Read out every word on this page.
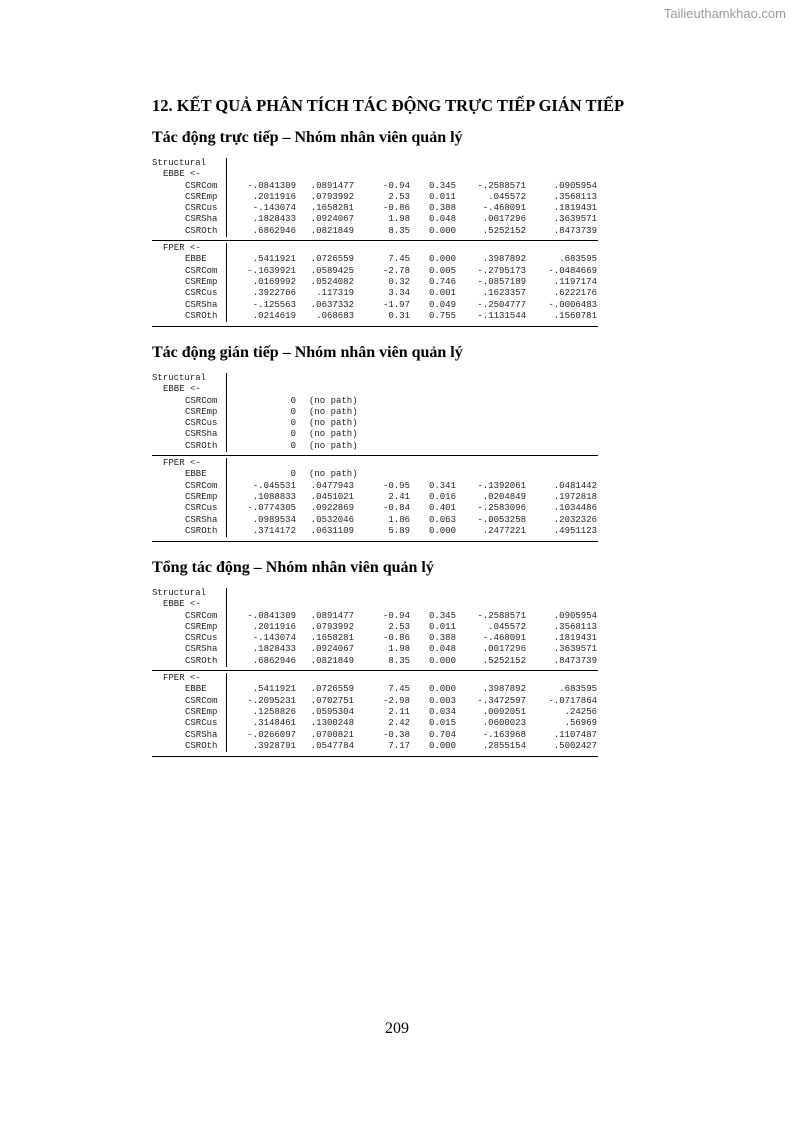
Tailieuthamkhao.com
12. KẾT QUẢ PHÂN TÍCH TÁC ĐỘNG TRỰC TIẾP GIÁN TIẾP
Tác động trực tiếp – Nhóm nhân viên quản lý
Structural
EBBE <-
CSRCom	-.0841309	.0891477	-0.94	0.345	-.2588571	.0905954
CSREmp	.2011916	.0793992	2.53	0.011	.045572	.3568113
CSRCus	-.143074	.1658281	-0.86	0.388	-.468091	.1819431
CSRSha	.1828433	.0924067	1.98	0.048	.0017296	.3639571
CSROth	.6862946	.0821849	8.35	0.000	.5252152	.8473739
FPER <-
EBBE	.5411921	.0726559	7.45	0.000	.3987892	.683595
CSRCom	-.1639921	.0589425	-2.78	0.005	-.2795173	-.0484669
CSREmp	.0169992	.0524082	0.32	0.746	-.0857189	.1197174
CSRCus	.3922766	.117319	3.34	0.001	.1623357	.6222176
CSRSha	-.125563	.0637332	-1.97	0.049	-.2504777	-.0006483
CSROth	.0214619	.068683	0.31	0.755	-.1131544	.1560781
Tác động gián tiếp – Nhóm nhân viên quản lý
Structural
EBBE <-
CSRCom	0	(no path)
CSREmp	0	(no path)
CSRCus	0	(no path)
CSRSha	0	(no path)
CSROth	0	(no path)
FPER <-
EBBE	0	(no path)
CSRCom	-.045531	.0477943	-0.95	0.341	-.1392061	.0481442
CSREmp	.1088833	.0451021	2.41	0.016	.0204849	.1972818
CSRCus	-.0774305	.0922869	-0.84	0.401	-.2583096	.1034486
CSRSha	.0989534	.0532046	1.86	0.063	-.0053258	.2032326
CSROth	.3714172	.0631109	5.89	0.000	.2477221	.4951123
Tổng tác động – Nhóm nhân viên quản lý
Structural
EBBE <-
CSRCom	-.0841309	.0891477	-0.94	0.345	-.2588571	.0905954
CSREmp	.2011916	.0793992	2.53	0.011	.045572	.3568113
CSRCus	-.143074	.1658281	-0.86	0.388	-.468091	.1819431
CSRSha	.1828433	.0924067	1.98	0.048	.0017296	.3639571
CSROth	.6862946	.0821849	8.35	0.000	.5252152	.8473739
FPER <-
EBBE	.5411921	.0726559	7.45	0.000	.3987892	.683595
CSRCom	-.2095231	.0702751	-2.98	0.003	-.3472597	-.0717864
CSREmp	.1258826	.0595304	2.11	0.034	.0092051	.24256
CSRCus	.3148461	.1300248	2.42	0.015	.0600023	.56969
CSRSha	-.0266097	.0700821	-0.38	0.704	-.163968	.1107487
CSROth	.3928791	.0547784	7.17	0.000	.2855154	.5002427
209
